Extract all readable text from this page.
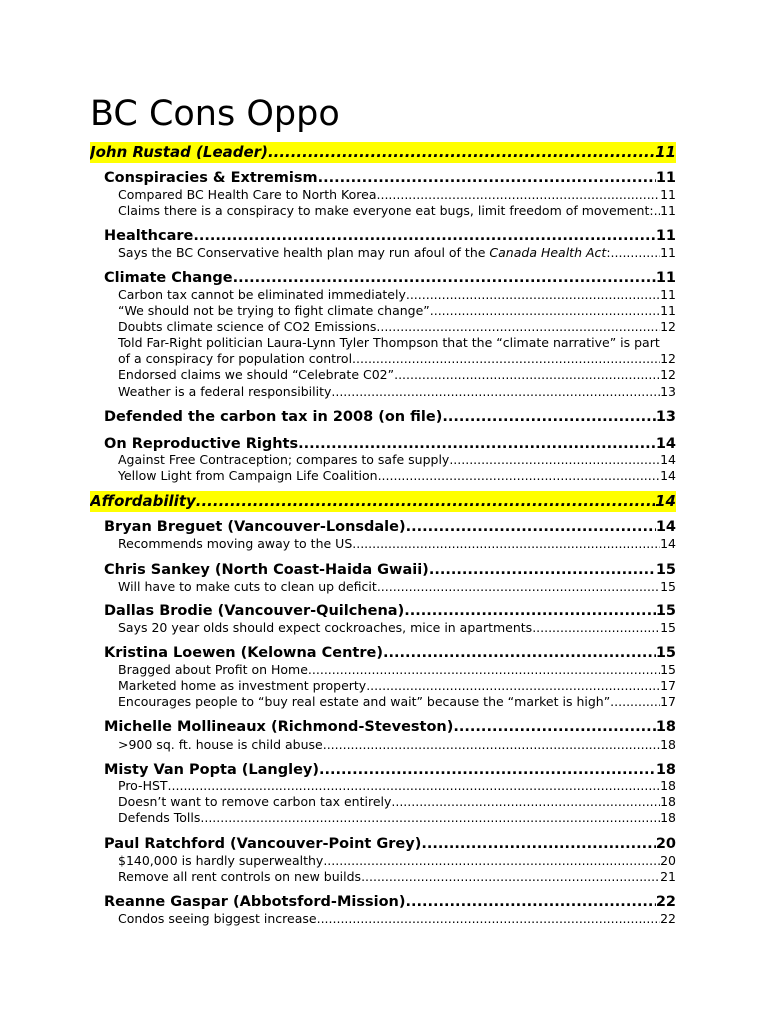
BC Cons Oppo
John Rustad (Leader) .....	11
Conspiracies & Extremism .....	11
Compared BC Health Care to North Korea .....	11
Claims there is a conspiracy to make everyone eat bugs, limit freedom of movement: ..... 11
Healthcare .....	11
Says the BC Conservative health plan may run afoul of the Canada Health Act: .....	11
Climate Change .....	11
Carbon tax cannot be eliminated immediately .....	11
“We should not be trying to fight climate change” .....	11
Doubts climate science of CO2 Emissions .....	12
Told Far-Right politician Laura-Lynn Tyler Thompson that the “climate narrative” is part
of a conspiracy for population control .....	12
Endorsed claims we should “Celebrate C02” .....	12
Weather is a federal responsibility .....	13
Defended the carbon tax in 2008 (on file) .....	13
On Reproductive Rights .....	14
Against Free Contraception; compares to safe supply .....	14
Yellow Light from Campaign Life Coalition .....	14
Affordability .....	14
Bryan Breguet (Vancouver-Lonsdale) .....	14
Recommends moving away to the US .....	14
Chris Sankey (North Coast-Haida Gwaii) .....	15
Will have to make cuts to clean up deficit .....	15
Dallas Brodie (Vancouver-Quilchena) .....	15
Says 20 year olds should expect cockroaches, mice in apartments .....	15
Kristina Loewen (Kelowna Centre) .....	15
Bragged about Profit on Home .....	15
Marketed home as investment property .....	17
Encourages people to “buy real estate and wait” because the “market is high” .....	17
Michelle Mollineaux (Richmond-Steveston) .....	18
>900 sq. ft. house is child abuse .....	18
Misty Van Popta (Langley) .....	18
Pro-HST .....	18
Doesn’t want to remove carbon tax entirely .....	18
Defends Tolls .....	18
Paul Ratchford (Vancouver-Point Grey) .....	20
$140,000 is hardly superwealthy .....	20
Remove all rent controls on new builds .....	21
Reanne Gaspar (Abbotsford-Mission) .....	22
Condos seeing biggest increase .....	22
